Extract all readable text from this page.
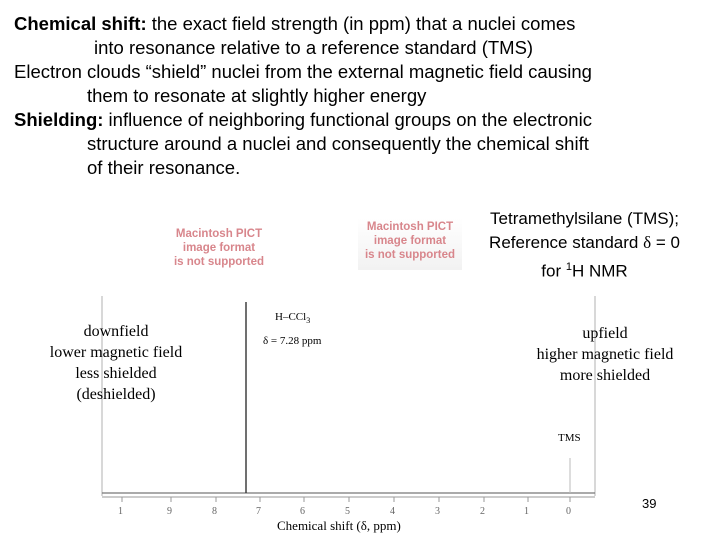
Chemical shift: the exact field strength (in ppm) that a nuclei comes
into resonance relative to a reference standard (TMS)
Electron clouds “shield” nuclei from the external magnetic field causing
them to resonate at slightly higher energy
Shielding: influence of neighboring functional groups on the electronic
structure around a nuclei and consequently the chemical shift
of their resonance.
Macintosh PICT
image format
is not supported
Macintosh PICT
image format
is not supported
Tetramethylsilane (TMS);
Reference standard δ = 0
for $^1$H NMR
1	9	8	7	6	5	4	3	2	1	0
H–CCl$_3$
δ = 7.28 ppm
TMS
downfield
lower magnetic field
less shielded
(deshielded)
upfield
higher magnetic field
more shielded
Chemical shift (δ, ppm)
39
